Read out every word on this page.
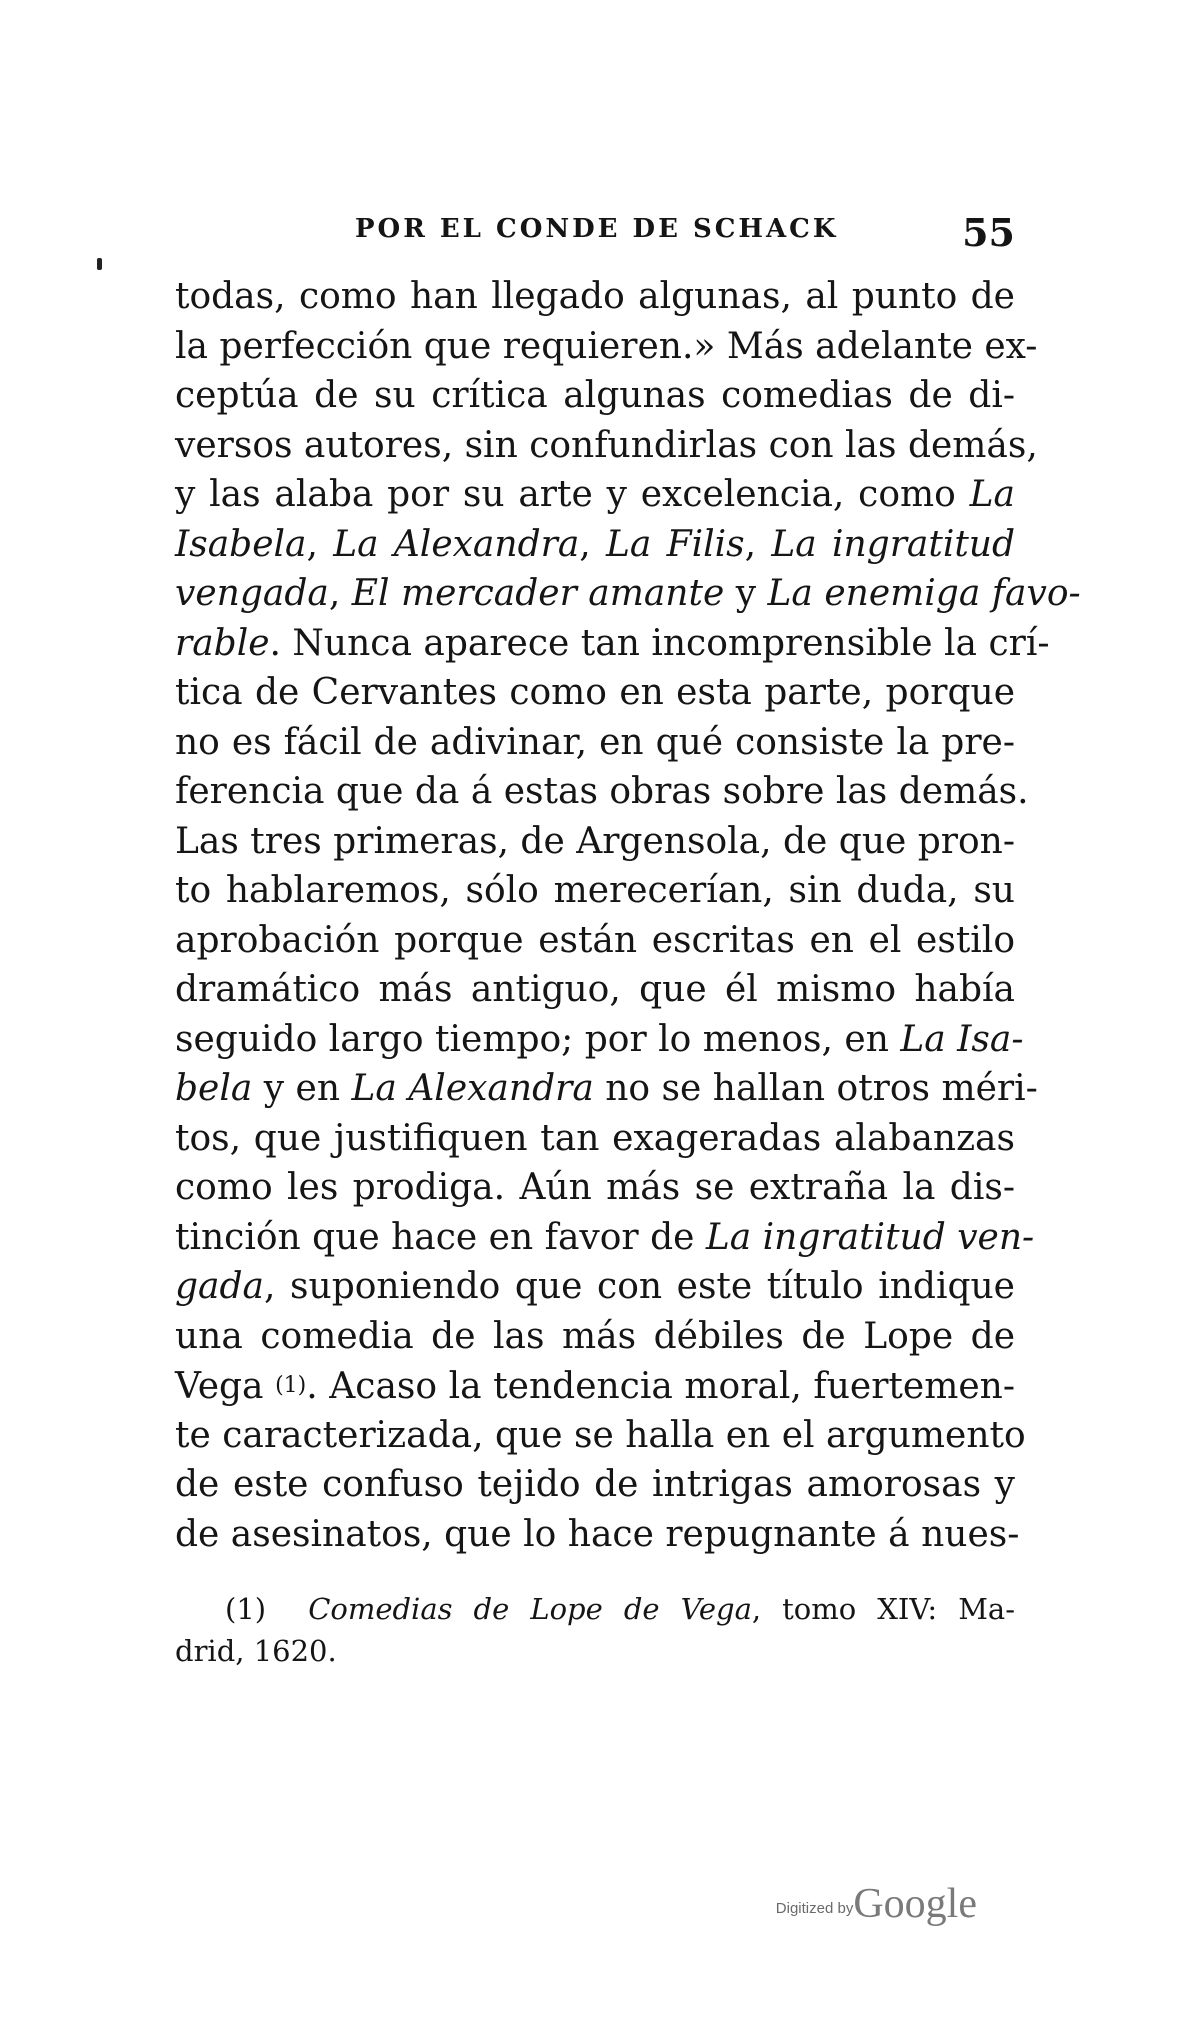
POR EL CONDE DE SCHACK	55
todas, como han llegado algunas, al punto de
la perfección que requieren.» Más adelante ex-
ceptúa de su crítica algunas comedias de di-
versos autores, sin confundirlas con las demás,
y las alaba por su arte y excelencia, como La
Isabela, La Alexandra, La Filis, La ingratitud
vengada, El mercader amante y La enemiga favo-
rable. Nunca aparece tan incomprensible la crí-
tica de Cervantes como en esta parte, porque
no es fácil de adivinar, en qué consiste la pre-
ferencia que da á estas obras sobre las demás.
Las tres primeras, de Argensola, de que pron-
to hablaremos, sólo merecerían, sin duda, su
aprobación porque están escritas en el estilo
dramático más antiguo, que él mismo había
seguido largo tiempo; por lo menos, en La Isa-
bela y en La Alexandra no se hallan otros méri-
tos, que justifiquen tan exageradas alabanzas
como les prodiga. Aún más se extraña la dis-
tinción que hace en favor de La ingratitud ven-
gada, suponiendo que con este título indique
una comedia de las más débiles de Lope de
Vega (1). Acaso la tendencia moral, fuertemen-
te caracterizada, que se halla en el argumento
de este confuso tejido de intrigas amorosas y
de asesinatos, que lo hace repugnante á nues-
(1) Comedias de Lope de Vega, tomo XIV: Ma-
drid, 1620.
Digitized byGoogle
